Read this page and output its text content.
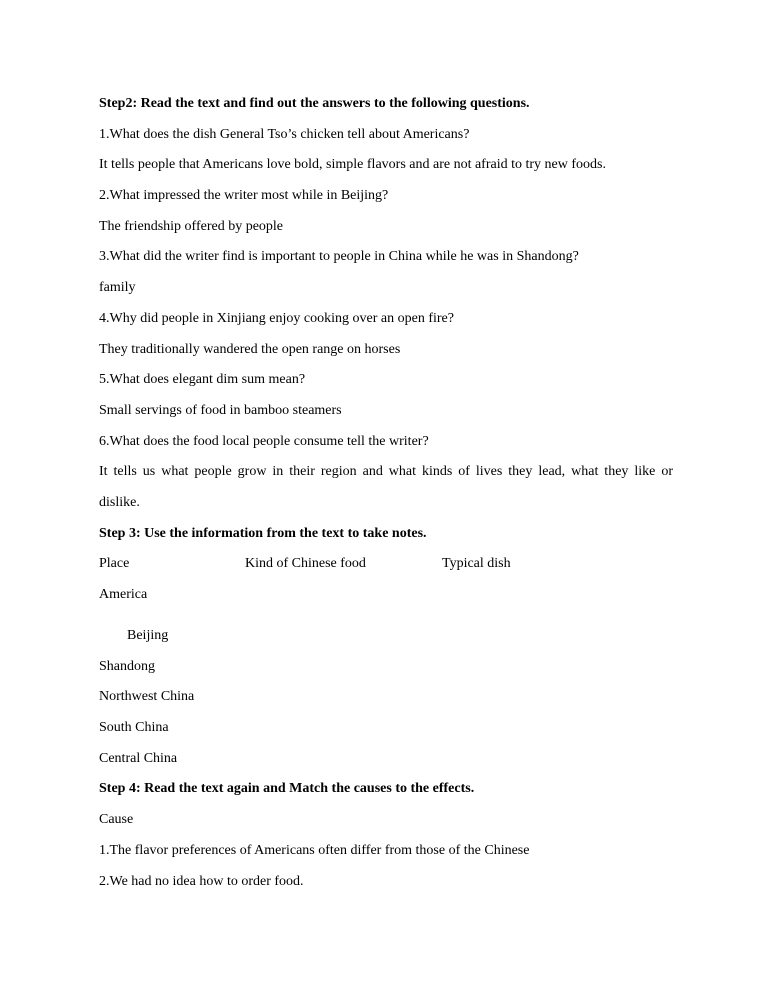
Step2: Read the text and find out the answers to the following questions.
1.What does the dish General Tso’s chicken tell about Americans?
It tells people that Americans love bold, simple flavors and are not afraid to try new foods.
2.What impressed the writer most while in Beijing?
The friendship offered by people
3.What did the writer find is important to people in China while he was in Shandong?
family
4.Why did people in Xinjiang enjoy cooking over an open fire?
They traditionally wandered the open range on horses
5.What does elegant dim sum mean?
Small servings of food in bamboo steamers
6.What does the food local people consume tell the writer?
It tells us what people grow in their region and what kinds of lives they lead, what they like or
dislike.
Step 3: Use the information from the text to take notes.
Place	Kind of Chinese food	Typical dish
America
Beijing
Shandong
Northwest China
South China
Central China
Step 4: Read the text again and Match the causes to the effects.
Cause
1.The flavor preferences of Americans often differ from those of the Chinese
2.We had no idea how to order food.
